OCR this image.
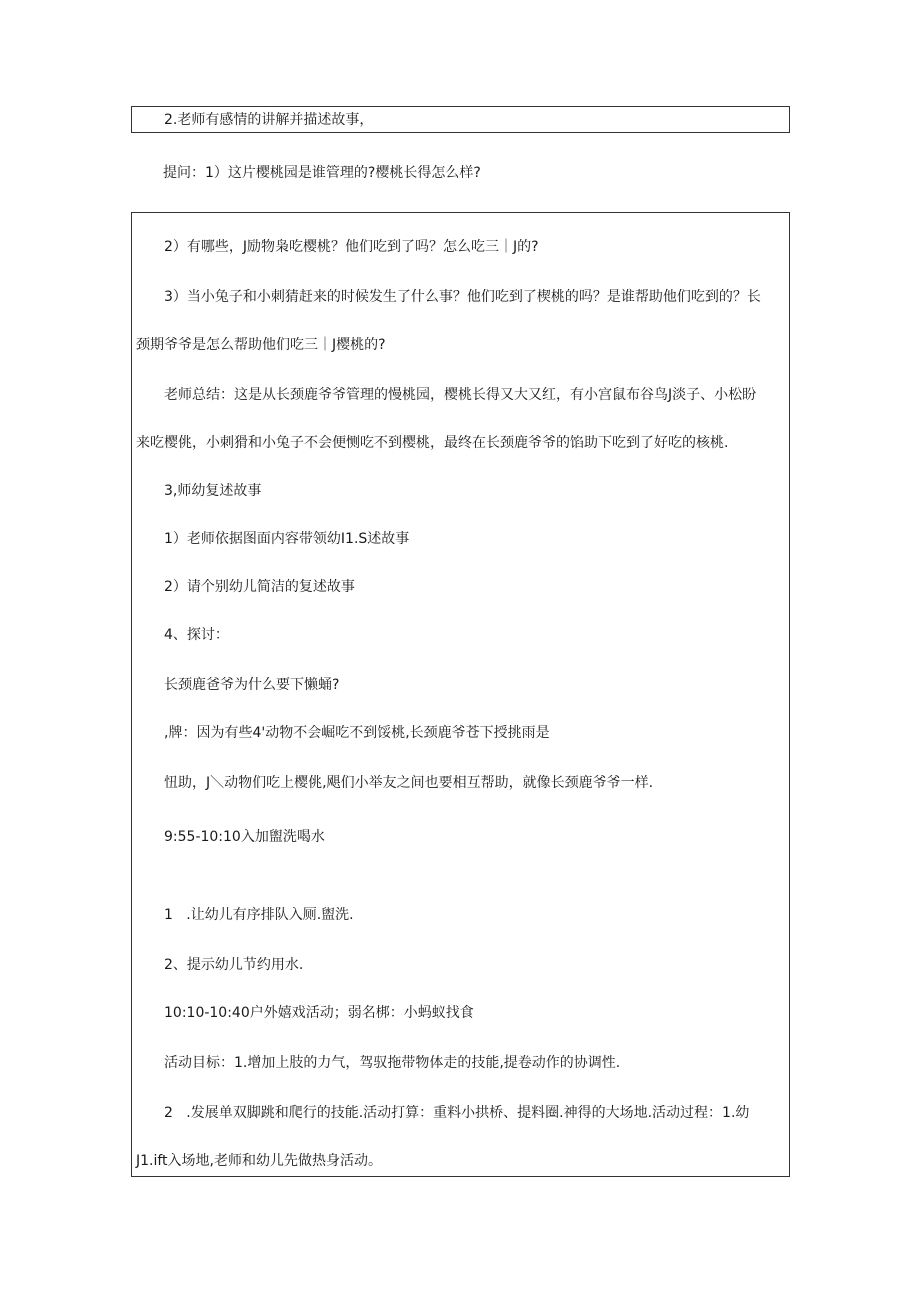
2.老师有感情的讲解并描述故事，
提问：1）这片樱桃园是谁管理的?樱桃长得怎么样?
2）有哪些，J励物枭吃樱桃？他们吃到了吗？怎么吃三｜J的?
3）当小兔子和小刺猜赶来的时候发生了什么事？他们吃到了楔桃的吗？是谁帮助他们吃到的？长
颈期爷爷是怎么帮助他们吃三｜J樱桃的?
老师总结：这是从长颈鹿爷爷管理的慢桃园，樱桃长得又大又红，有小宫鼠布谷鸟J淡子、小松盼
来吃樱佻，小刺猾和小兔子不会便恻吃不到樱桃，最终在长颈鹿爷爷的馅助下吃到了好吃的核桃.
3,师幼复述故事
1）老师依据图面内容带领幼I1.S述故事
2）请个别幼儿简洁的复述故事
4、探讨：
长颈鹿爸爷为什么要下懒蛹?
,牌：因为有些4'动物不会崛吃不到馁桃,长颈鹿爷苍下授挑雨是
忸助，J＼动物们吃上樱佻,飓们小举友之间也要相互帮助，就像长颈鹿爷爷一样.
9:55-10:10入加盥洗喝水
1   .让幼儿有序排队入厕.盥洗.
2、提示幼儿节约用水.
10:10-10:40户外嬉戏活动；弱名梆：小蚂蚁找食
活动目标：1.增加上肢的力气，驾驭拖带物体走的技能,提卷动作的协调性.
2   .发展单双脚跳和爬行的技能.活动打算：重料小拱桥、提料圈.神得的大场地.活动过程：1.幼
J1.ift入场地,老师和幼儿先做热身活动。
